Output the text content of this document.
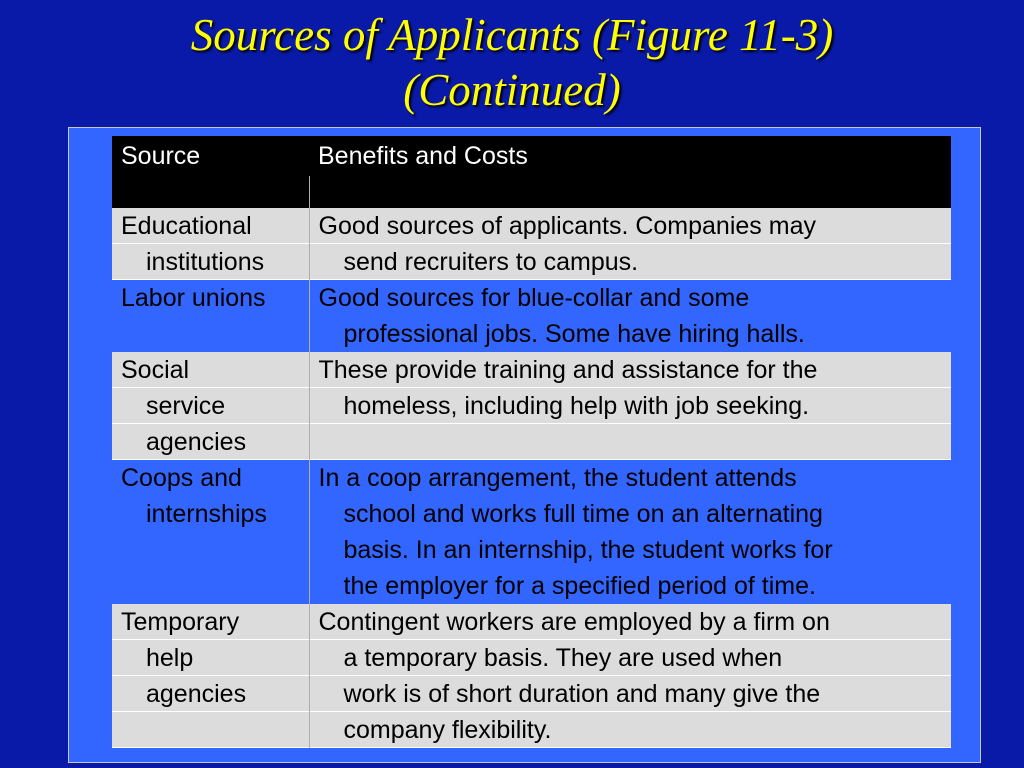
Sources of Applicants (Figure 11-3)
(Continued)
Source	Benefits and Costs

Educational
institutions	Good sources of applicants. Companies may
send recruiters to campus.

Labor unions	Good sources for blue-collar and some
professional jobs. Some have hiring halls.

Social
service
agencies	These provide training and assistance for the
homeless, including help with job seeking.

Coops and
internships	In a coop arrangement, the student attends
school and works full time on an alternating
basis. In an internship, the student works for
the employer for a specified period of time.

Temporary
help
agencies	Contingent workers are employed by a firm on
a temporary basis. They are used when
work is of short duration and many give the
company flexibility.
